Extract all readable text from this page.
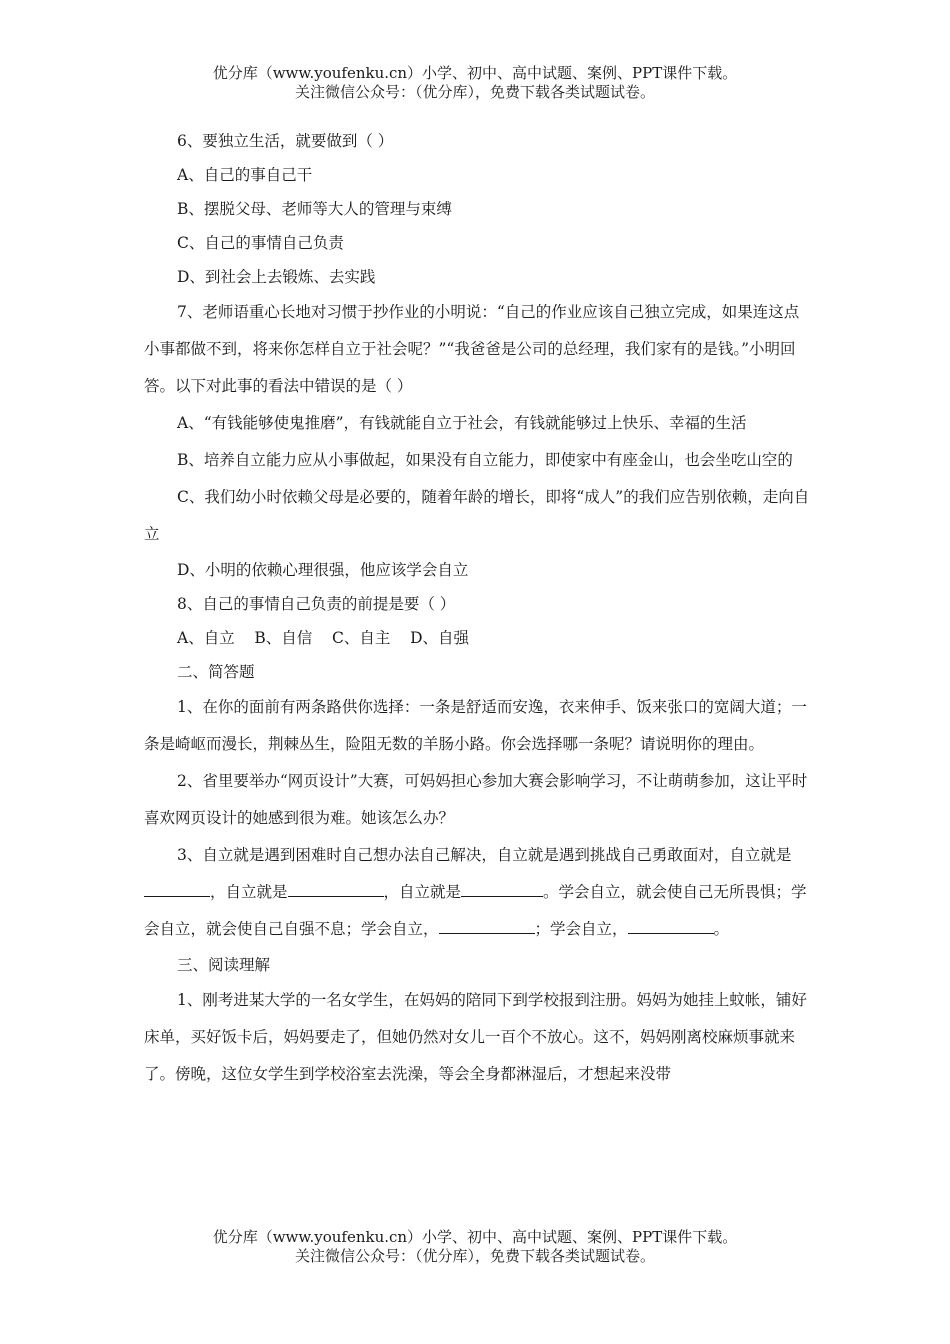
优分库（www.youfenku.cn）小学、初中、高中试题、案例、PPT课件下载。
关注微信公众号：（优分库），免费下载各类试题试卷。

6、要独立生活，就要做到（ ）

A、自己的事自己干

B、摆脱父母、老师等大人的管理与束缚

C、自己的事情自己负责

D、到社会上去锻炼、去实践

7、老师语重心长地对习惯于抄作业的小明说：“自己的作业应该自己独立完成，如果连这点小事都做不到，将来你怎样自立于社会呢？”“我爸爸是公司的总经理，我们家有的是钱。”小明回答。以下对此事的看法中错误的是（ ）

A、“有钱能够使鬼推磨”，有钱就能自立于社会，有钱就能够过上快乐、幸福的生活

B、培养自立能力应从小事做起，如果没有自立能力，即使家中有座金山，也会坐吃山空的

C、我们幼小时依赖父母是必要的，随着年龄的增长，即将“成人”的我们应告别依赖，走向自立

D、小明的依赖心理很强，他应该学会自立

8、自己的事情自己负责的前提是要（ ）

A、自立    B、自信    C、自主    D、自强

二、简答题

1、在你的面前有两条路供你选择：一条是舒适而安逸，衣来伸手、饭来张口的宽阔大道；一条是崎岖而漫长，荆棘丛生，险阻无数的羊肠小路。你会选择哪一条呢？请说明你的理由。

2、省里要举办“网页设计”大赛，可妈妈担心参加大赛会影响学习，不让萌萌参加，这让平时喜欢网页设计的她感到很为难。她该怎么办？

3、自立就是遇到困难时自己想办法自己解决，自立就是遇到挑战自己勇敢面对，自立就是，自立就是	，自立就是	。学会自立，就会使自己无所畏惧；学会自立，就会使自己自强不息；学会自立，	；学会自立，	。

三、阅读理解

1、刚考进某大学的一名女学生，在妈妈的陪同下到学校报到注册。妈妈为她挂上蚊帐，铺好床单，买好饭卡后，妈妈要走了，但她仍然对女儿一百个不放心。这不，妈妈刚离校麻烦事就来了。傍晚，这位女学生到学校浴室去洗澡，等会全身都淋湿后，才想起来没带

优分库（www.youfenku.cn）小学、初中、高中试题、案例、PPT课件下载。
关注微信公众号：（优分库），免费下载各类试题试卷。
